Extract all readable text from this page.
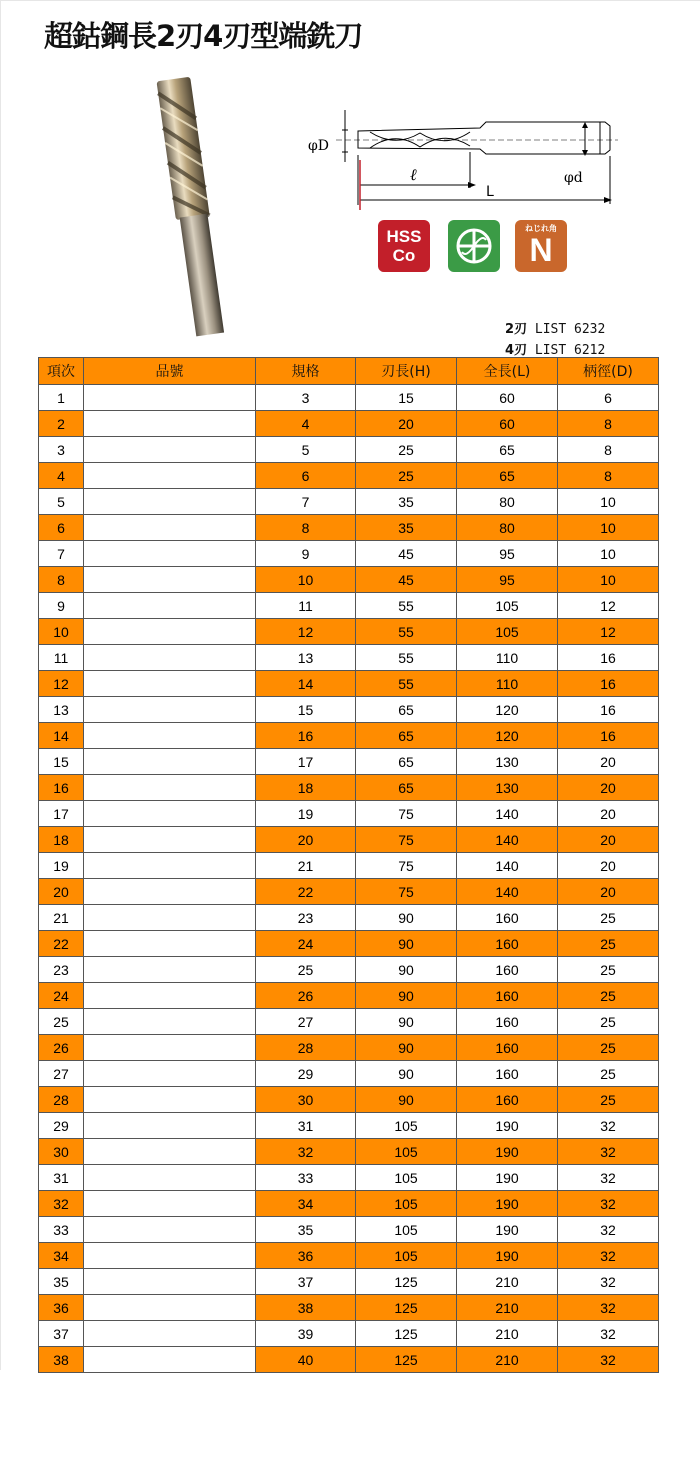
超鈷鋼長2刃4刃型端銑刀
φD
ℓ
L
φd
HSS
Co
ねじれ角
N
2刃 LIST 6232
4刃 LIST 6212
項次	品號	規格	刃長(H)	全長(L)	柄徑(D)
1		3	15	60	6
2		4	20	60	8
3		5	25	65	8
4		6	25	65	8
5		7	35	80	10
6		8	35	80	10
7		9	45	95	10
8		10	45	95	10
9		11	55	105	12
10		12	55	105	12
11		13	55	110	16
12		14	55	110	16
13		15	65	120	16
14		16	65	120	16
15		17	65	130	20
16		18	65	130	20
17		19	75	140	20
18		20	75	140	20
19		21	75	140	20
20		22	75	140	20
21		23	90	160	25
22		24	90	160	25
23		25	90	160	25
24		26	90	160	25
25		27	90	160	25
26		28	90	160	25
27		29	90	160	25
28		30	90	160	25
29		31	105	190	32
30		32	105	190	32
31		33	105	190	32
32		34	105	190	32
33		35	105	190	32
34		36	105	190	32
35		37	125	210	32
36		38	125	210	32
37		39	125	210	32
38		40	125	210	32
